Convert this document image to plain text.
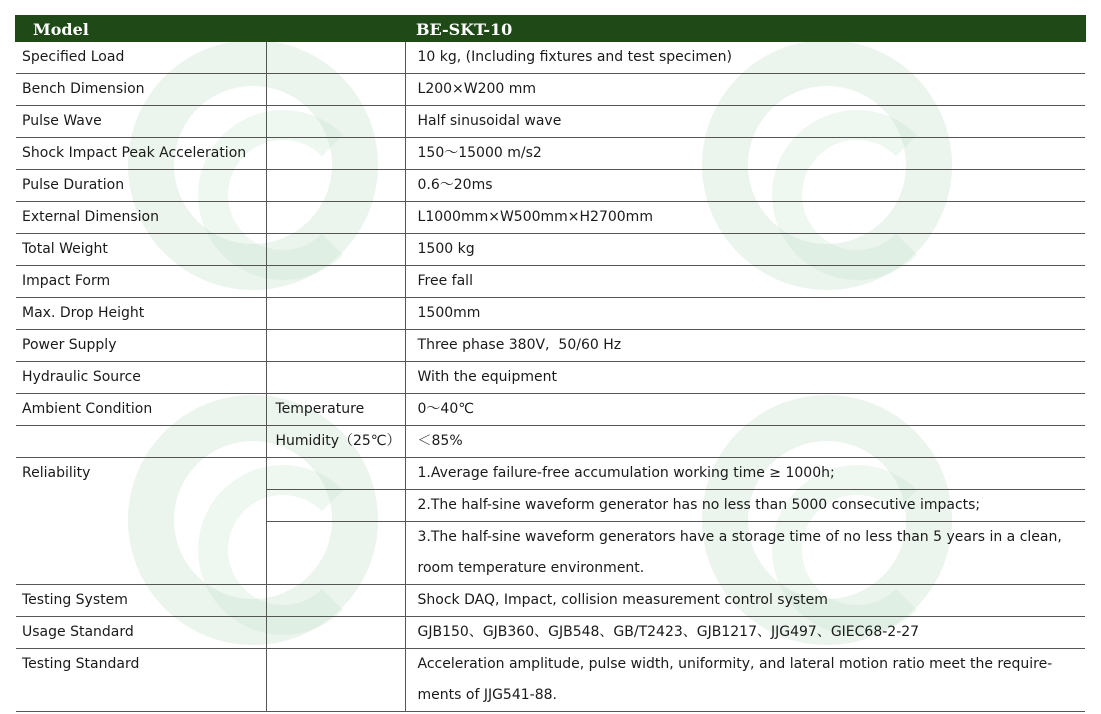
Model		BE-SKT-10
Specified Load		10 kg, (Including fixtures and test specimen)
Bench Dimension		L200×W200 mm
Pulse Wave		Half sinusoidal wave
Shock Impact Peak Acceleration		150～15000 m/s2
Pulse Duration		0.6～20ms
External Dimension		L1000mm×W500mm×H2700mm
Total Weight		1500 kg
Impact Form		Free fall
Max. Drop Height		1500mm
Power Supply		Three phase 380V,  50/60 Hz
Hydraulic Source		With the equipment
Ambient Condition	Temperature	0～40℃
	Humidity（25℃）	＜85%
Reliability		1.Average failure-free accumulation working time ≥ 1000h;
		2.The half-sine waveform generator has no less than 5000 consecutive impacts;
		3.The half-sine waveform generators have a storage time of no less than 5 years in a clean, room temperature environment.
Testing System		Shock DAQ, Impact, collision measurement control system
Usage Standard		GJB150、GJB360、GJB548、GB/T2423、GJB1217、JJG497、GIEC68-2-27
Testing Standard		Acceleration amplitude, pulse width, uniformity, and lateral motion ratio meet the require-ments of JJG541-88.
